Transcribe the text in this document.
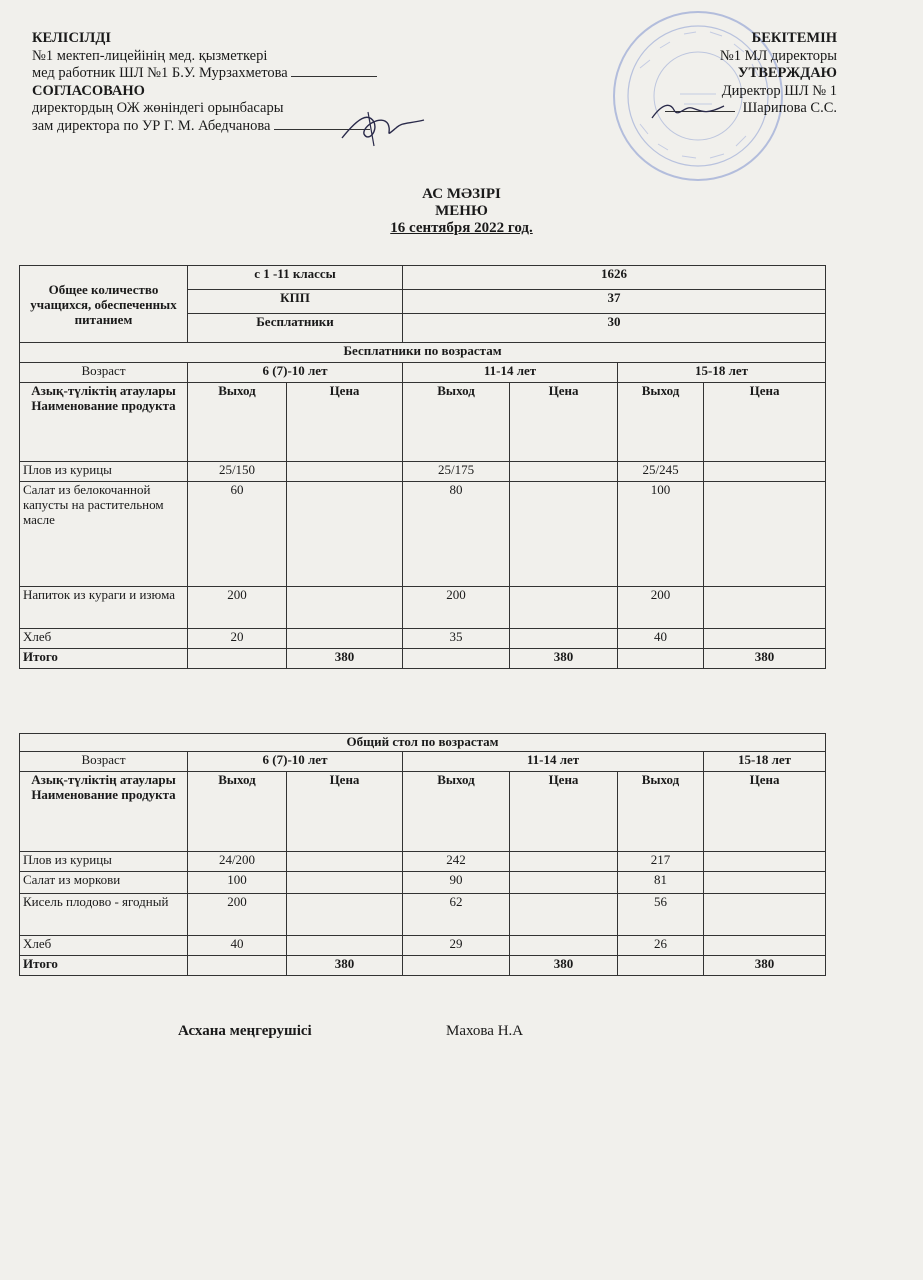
КЕЛІСІЛДІ
№1 мектеп-лицейінің мед. қызметкері
мед работник ШЛ №1 Б.У. Мурзахметова
СОГЛАСОВАНО
директордың ОЖ жөніндегі орынбасары
зам директора по УР Г. М. Абедчанова
БЕКІТЕМІН
№1 МЛ директоры
УТВЕРЖДАЮ
Директор ШЛ № 1
Шарипова С.С.
АС МӘЗІРІ
МЕНЮ
16 сентября 2022 год.
Общее количество учащихся, обеспеченных питанием	с 1 -11 классы		1626			
	КПП		37			
	Бесплатники		30			
Бесплатники по возрастам						
Возраст	6 (7)-10 лет		11-14 лет		15-18 лет	
Азық-түліктің атаулары Наименование продукта	Выход	Цена	Выход	Цена	Выход	Цена
Плов из курицы	25/150		25/175		25/245	
Салат из белокочанной капусты на растительном масле	60		80		100	
Напиток из кураги и изюма	200		200		200	
Хлеб	20		35		40	
Итого		380		380		380
Общий стол по возрастам						
Возраст	6 (7)-10 лет		11-14 лет			15-18 лет
Азық-түліктің атаулары Наименование продукта	Выход	Цена	Выход	Цена	Выход	Цена
Плов из курицы	24/200		242		217	
Салат из моркови	100		90		81	
Кисель плодово - ягодный	200		62		56	
Хлеб	40		29		26	
Итого		380		380		380
Асхана меңгерушісі	Махова Н.А
